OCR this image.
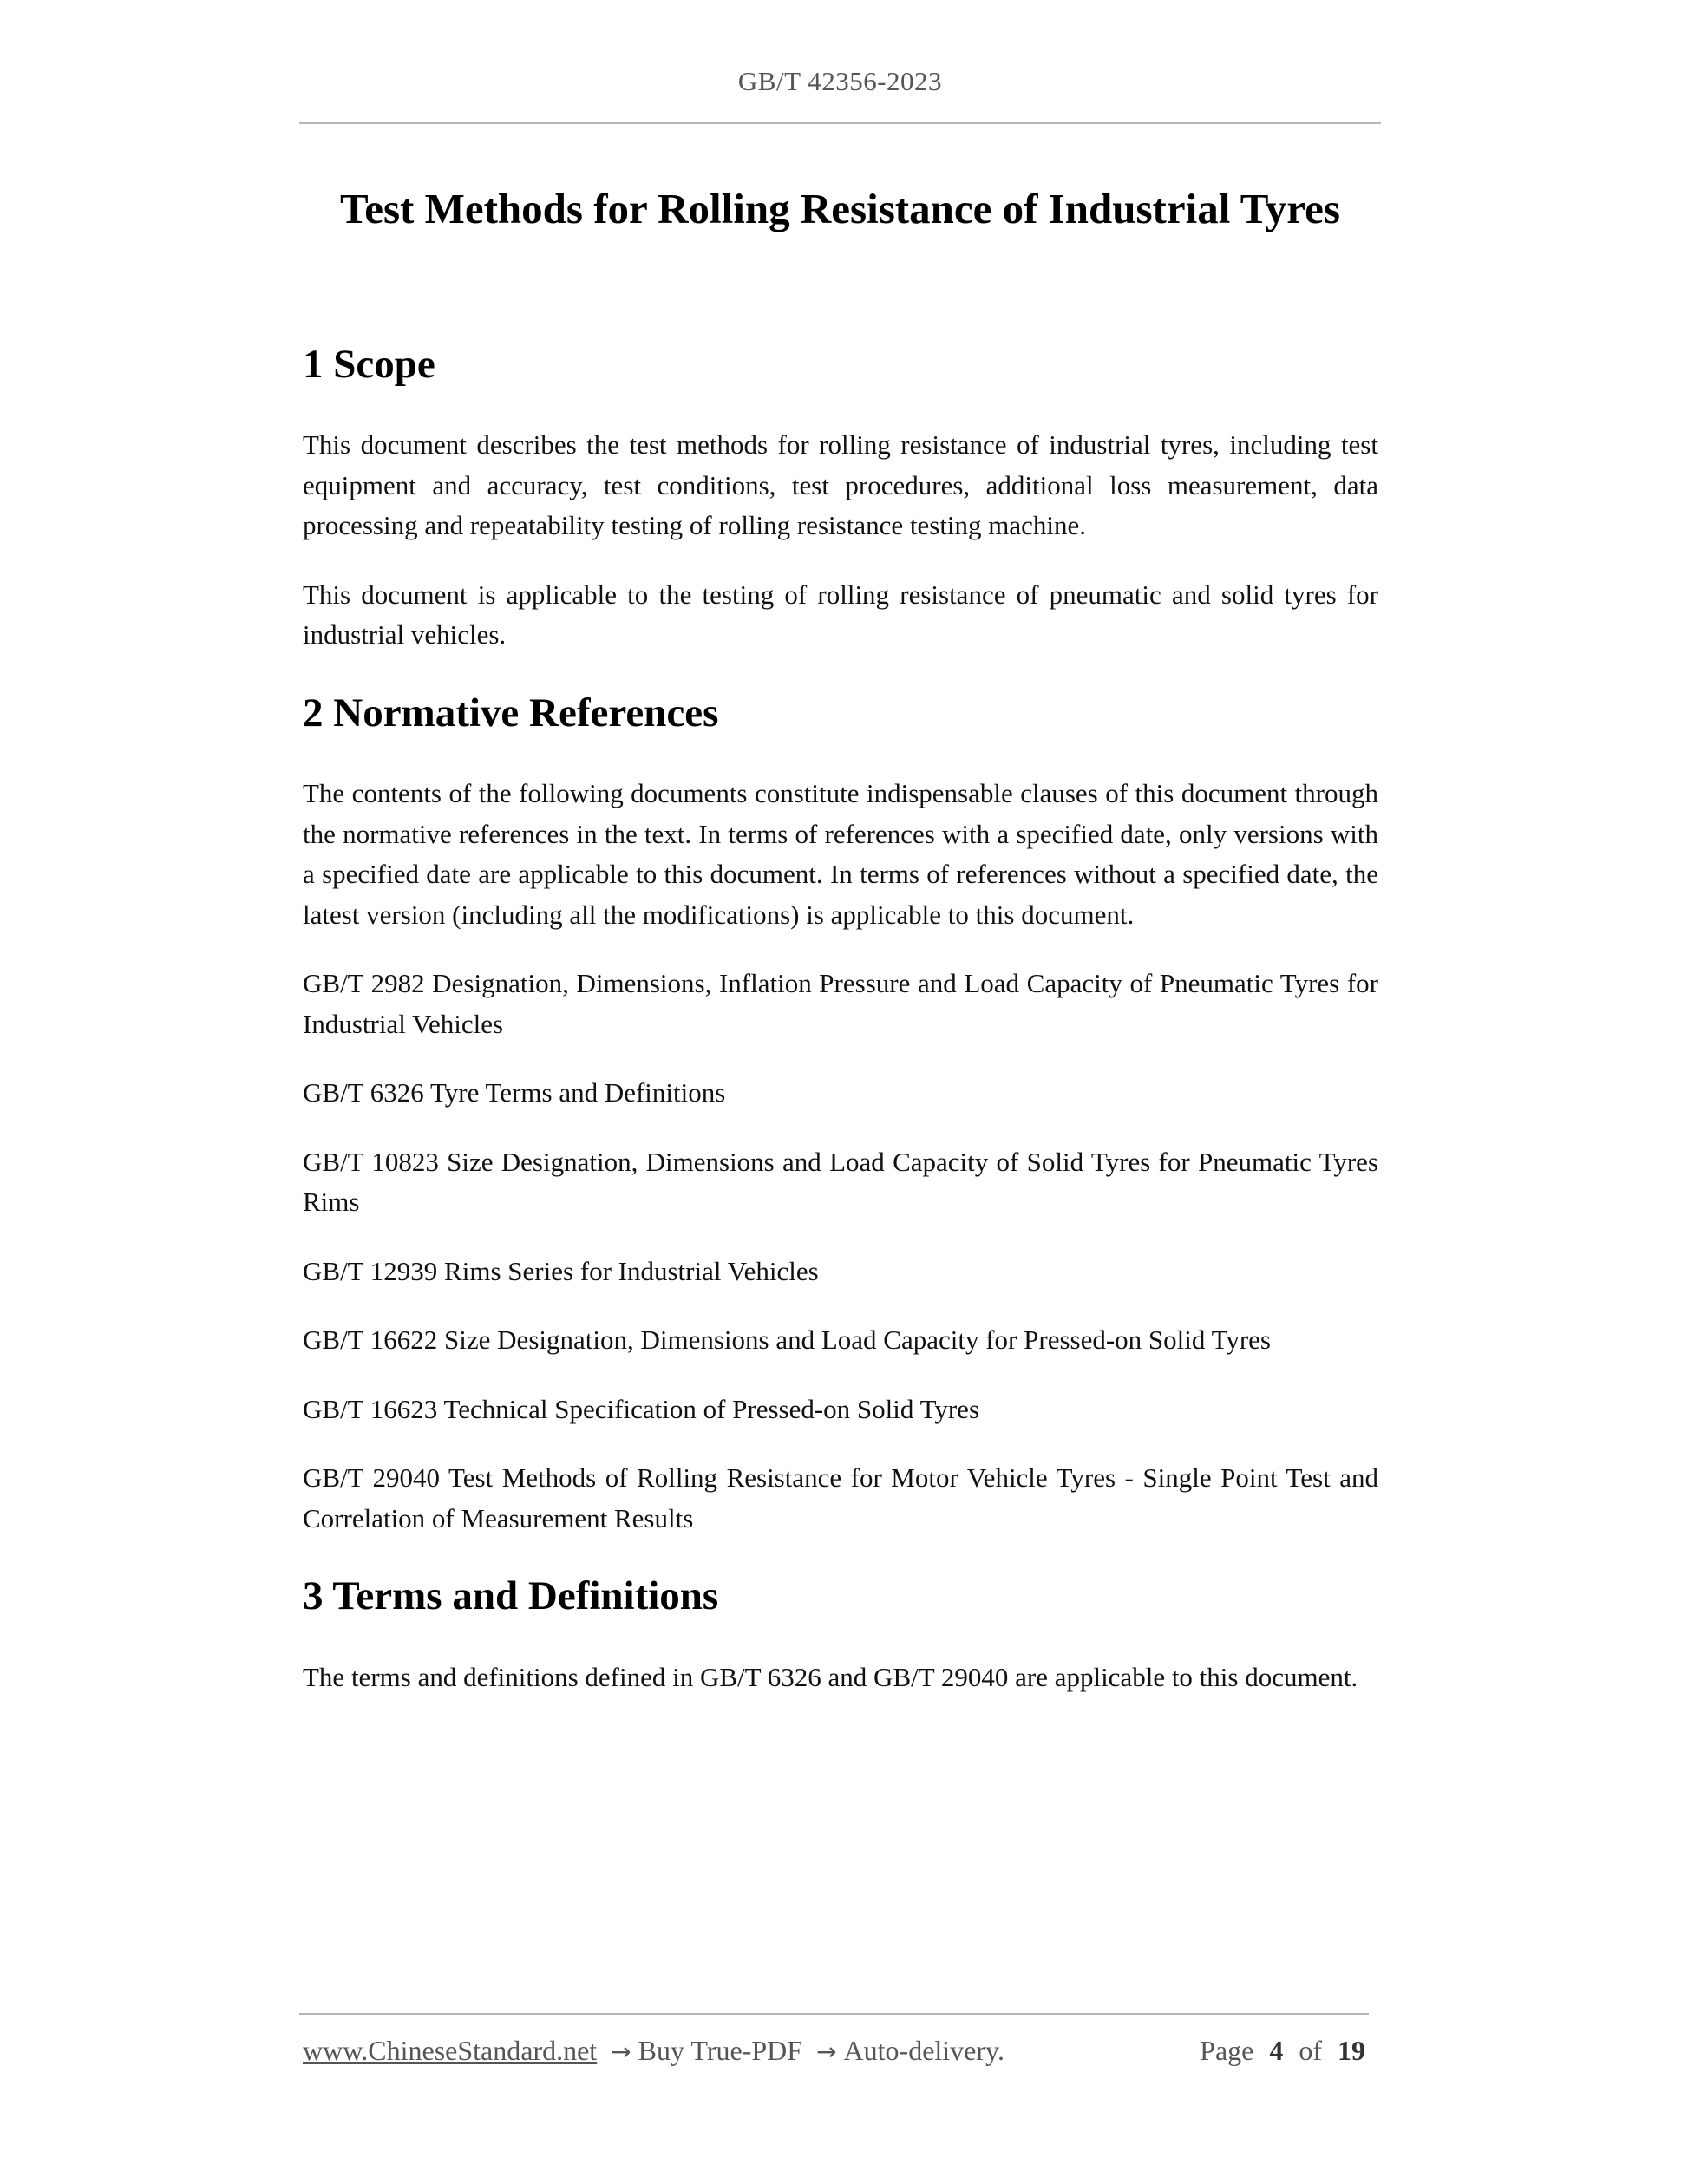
GB/T 42356-2023
Test Methods for Rolling Resistance of Industrial Tyres
1 Scope

This document describes the test methods for rolling resistance of industrial tyres, including test equipment and accuracy, test conditions, test procedures, additional loss measurement, data processing and repeatability testing of rolling resistance testing machine.

This document is applicable to the testing of rolling resistance of pneumatic and solid tyres for industrial vehicles.

2 Normative References

The contents of the following documents constitute indispensable clauses of this document through the normative references in the text. In terms of references with a specified date, only versions with a specified date are applicable to this document. In terms of references without a specified date, the latest version (including all the modifications) is applicable to this document.

GB/T 2982 Designation, Dimensions, Inflation Pressure and Load Capacity of Pneumatic Tyres for Industrial Vehicles
GB/T 6326 Tyre Terms and Definitions
GB/T 10823 Size Designation, Dimensions and Load Capacity of Solid Tyres for Pneumatic Tyres Rims
GB/T 12939 Rims Series for Industrial Vehicles
GB/T 16622 Size Designation, Dimensions and Load Capacity for Pressed-on Solid Tyres
GB/T 16623 Technical Specification of Pressed-on Solid Tyres
GB/T 29040 Test Methods of Rolling Resistance for Motor Vehicle Tyres - Single Point Test and Correlation of Measurement Results
3 Terms and Definitions

The terms and definitions defined in GB/T 6326 and GB/T 29040 are applicable to this document.

www.ChineseStandard.net → Buy True-PDF → Auto-delivery.	Page 4 of 19
